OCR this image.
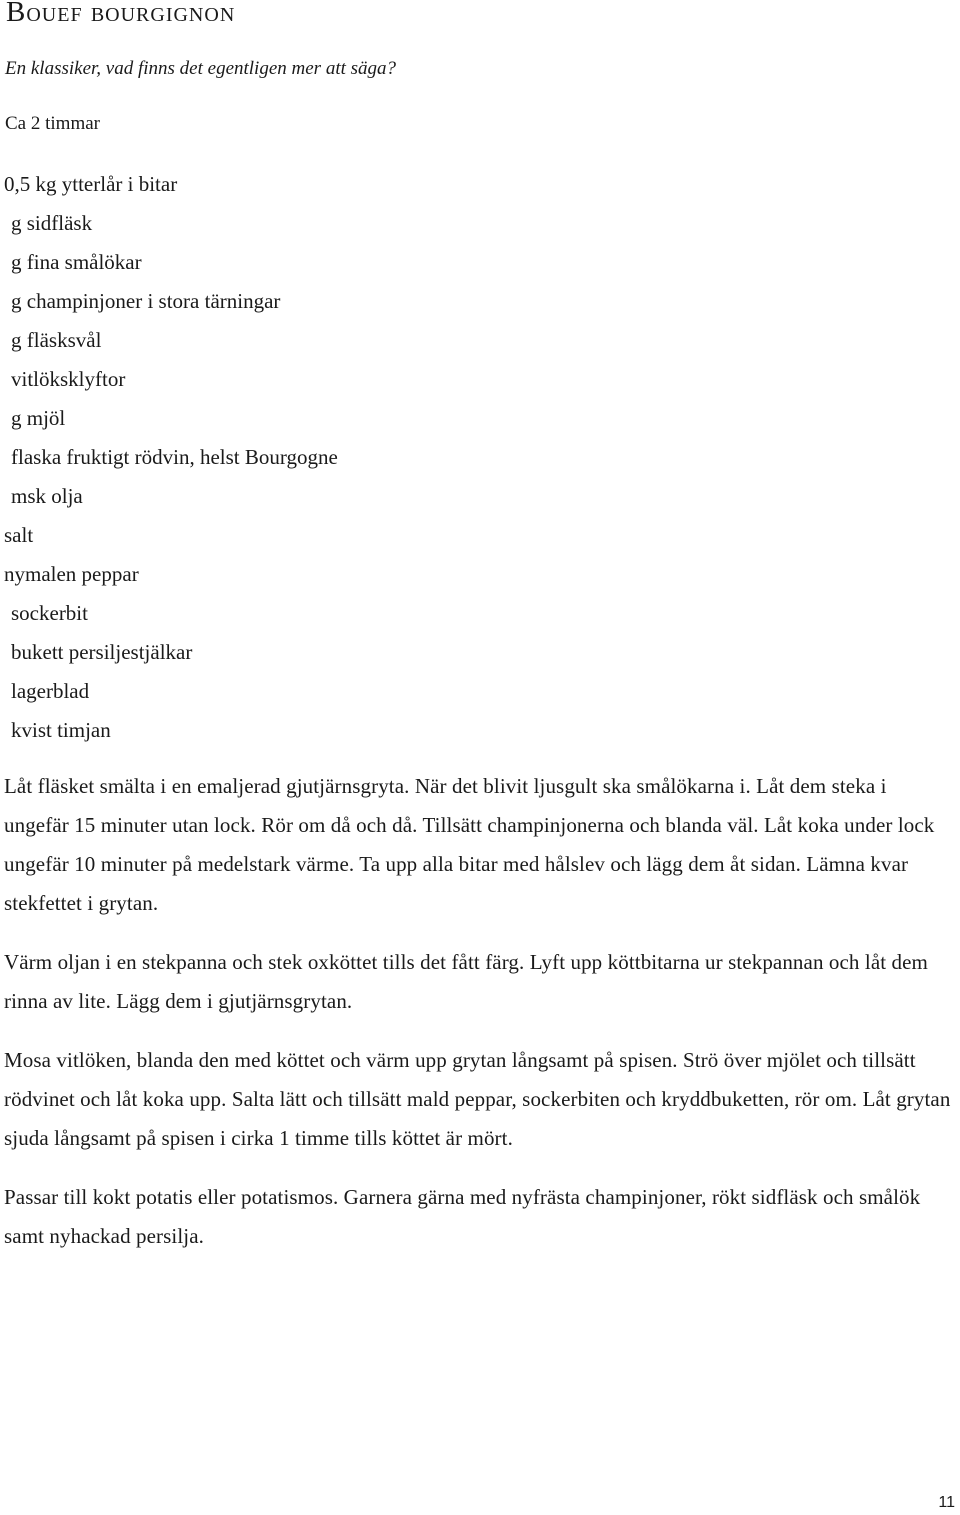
Bouef bourgignon

En klassiker, vad finns det egentligen mer att säga?

Ca 2 timmar

0,5 kg ytterlår i bitar
g sidfläsk
g fina smålökar
g champinjoner i stora tärningar
g fläsksvål
vitlöksklyftor
g mjöl
flaska fruktigt rödvin, helst Bourgogne
msk olja
salt
nymalen peppar
sockerbit
bukett persiljestjälkar
lagerblad
kvist timjan

Låt fläsket smälta i en emaljerad gjutjärnsgryta. När det blivit ljusgult ska smålökarna i. Låt dem steka i ungefär 15 minuter utan lock. Rör om då och då. Tillsätt champinjonerna och blanda väl. Låt koka under lock ungefär 10 minuter på medelstark värme. Ta upp alla bitar med hålslev och lägg dem åt sidan. Lämna kvar stekfettet i grytan.

Värm oljan i en stekpanna och stek oxköttet tills det fått färg. Lyft upp köttbitarna ur stekpannan och låt dem rinna av lite. Lägg dem i gjutjärnsgrytan.

Mosa vitlöken, blanda den med köttet och värm upp grytan långsamt på spisen. Strö över mjölet och tillsätt rödvinet och låt koka upp. Salta lätt och tillsätt mald peppar, sockerbiten och kryddbuketten, rör om. Låt grytan sjuda långsamt på spisen i cirka 1 timme tills köttet är mört.

Passar till kokt potatis eller potatismos. Garnera gärna med nyfrästa champinjoner, rökt sidfläsk och smålök samt nyhackad persilja.

11
